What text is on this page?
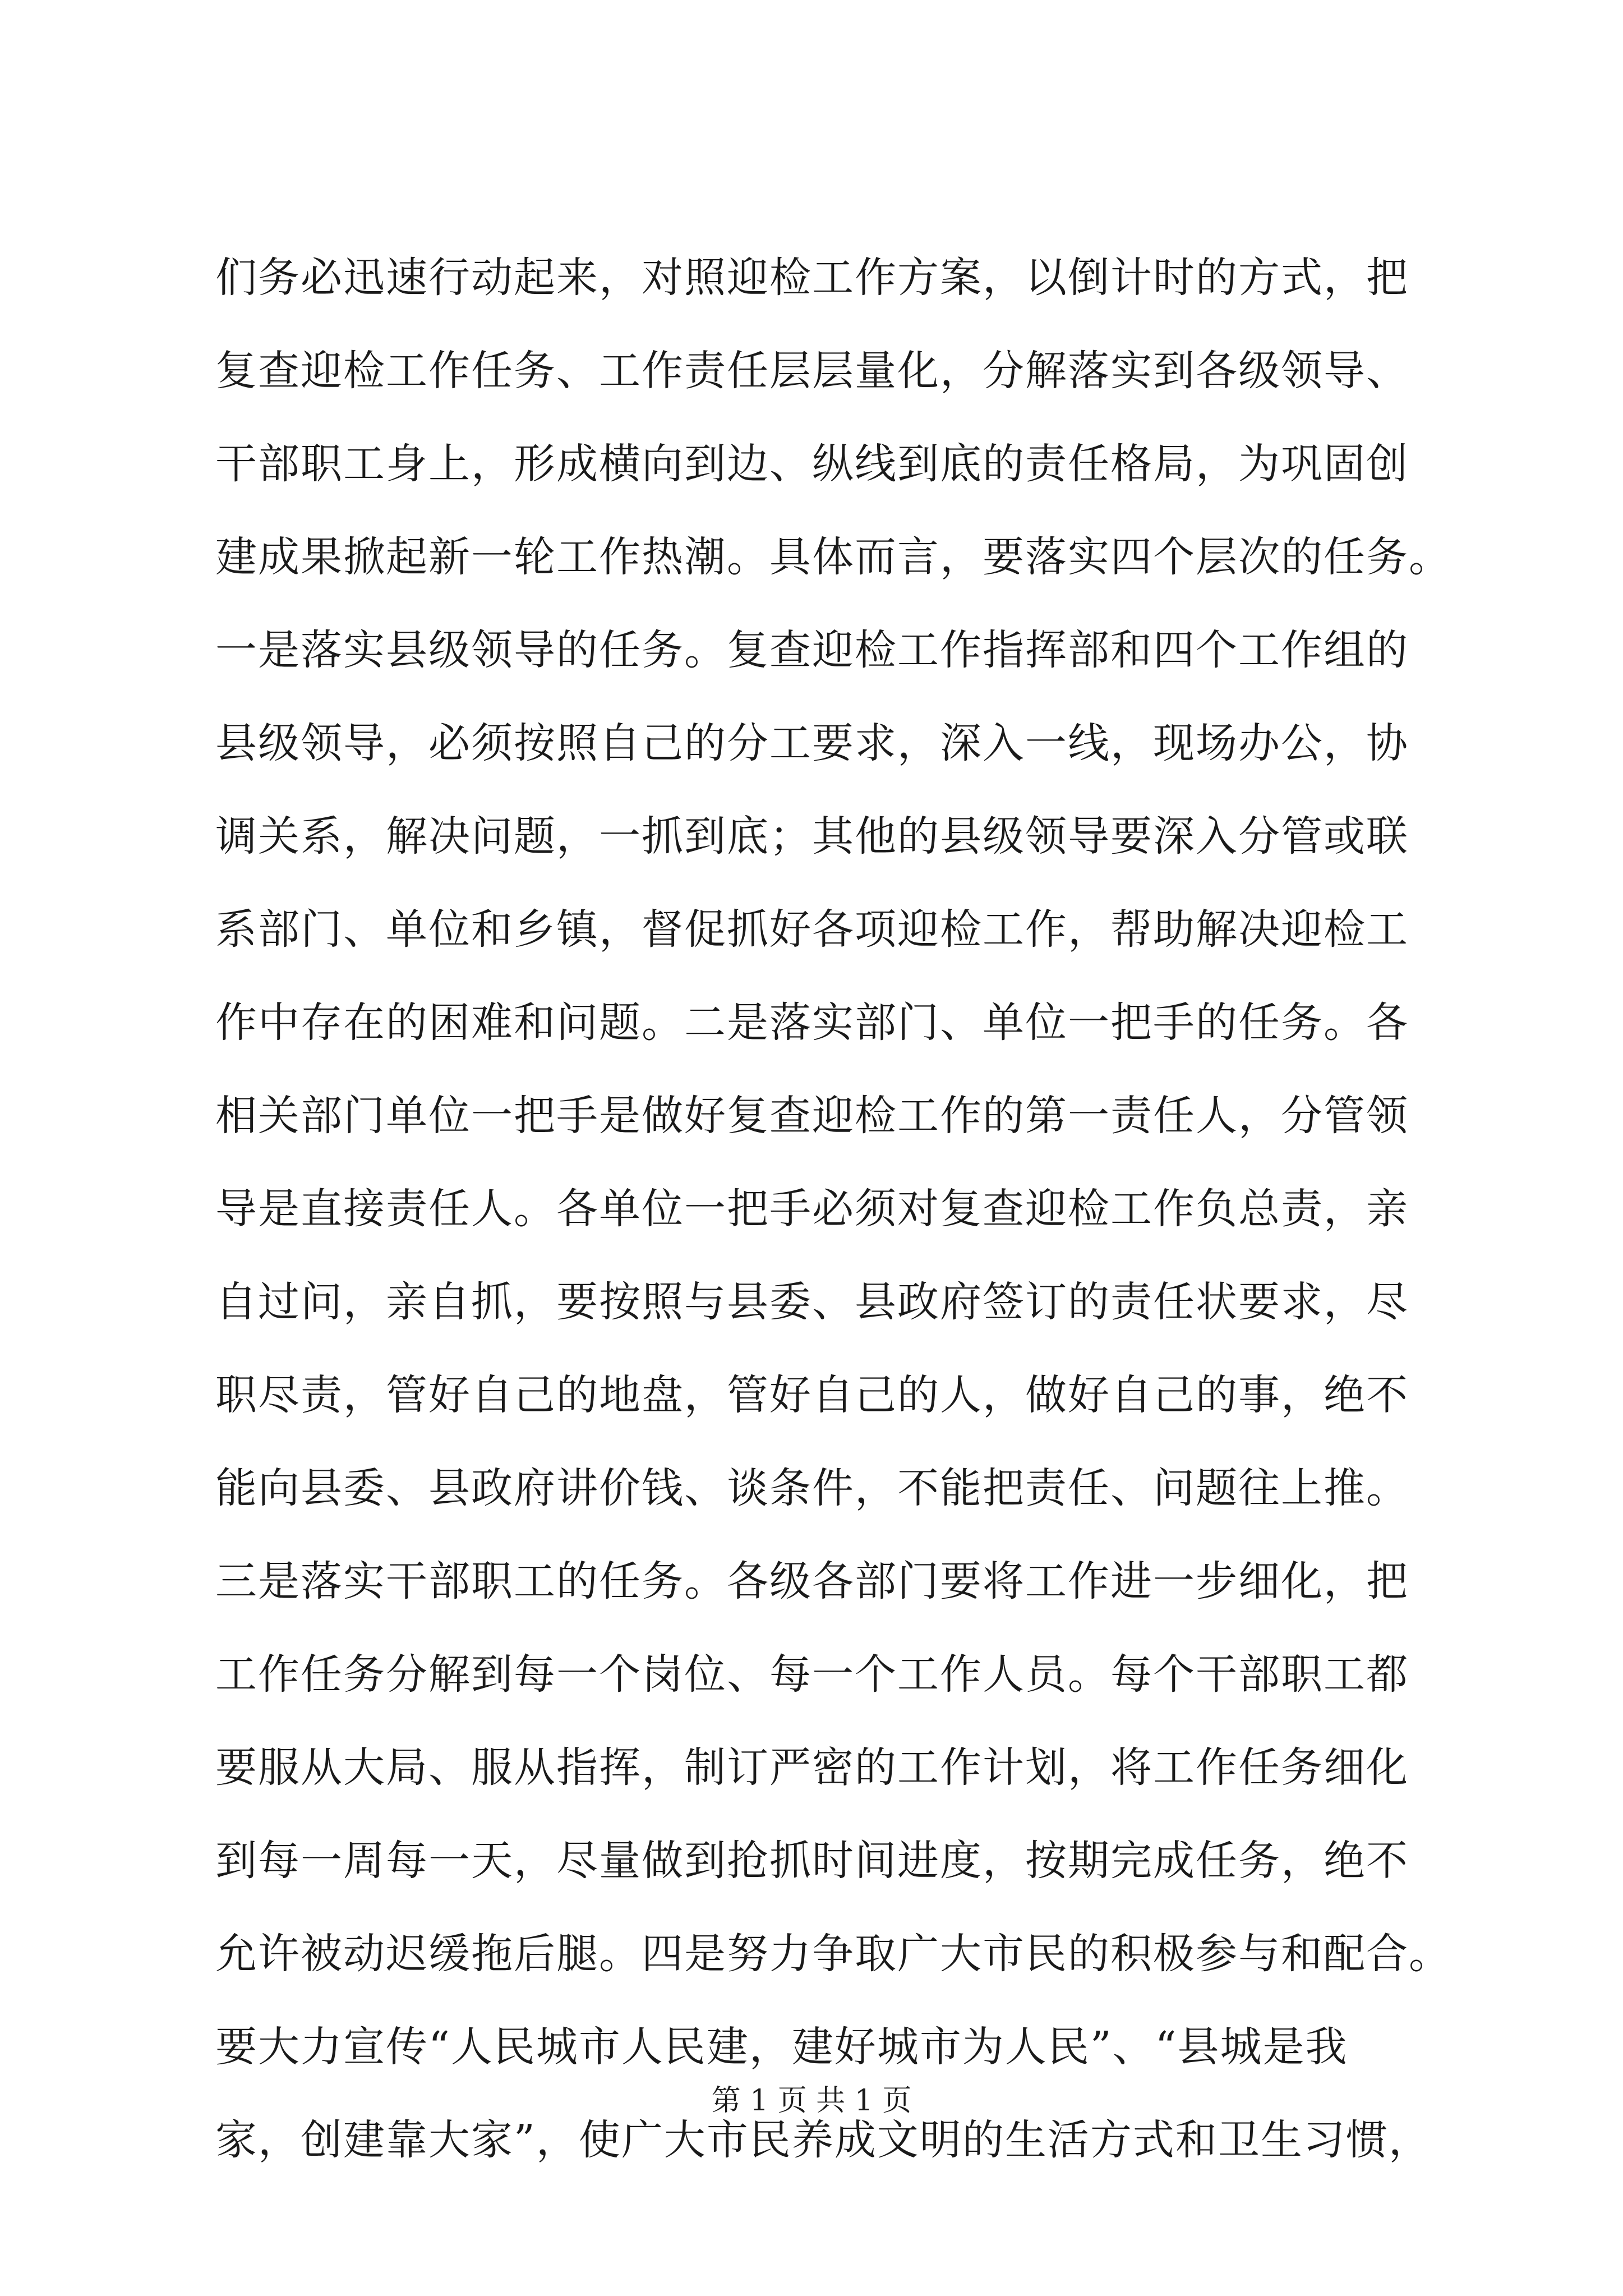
们务必迅速行动起来，对照迎检工作方案，以倒计时的方式，把
复查迎检工作任务、工作责任层层量化，分解落实到各级领导、
干部职工身上，形成横向到边、纵线到底的责任格局，为巩固创
建成果掀起新一轮工作热潮。具体而言，要落实四个层次的任务。
一是落实县级领导的任务。复查迎检工作指挥部和四个工作组的
县级领导，必须按照自己的分工要求，深入一线，现场办公，协
调关系，解决问题，一抓到底；其他的县级领导要深入分管或联
系部门、单位和乡镇，督促抓好各项迎检工作，帮助解决迎检工
作中存在的困难和问题。二是落实部门、单位一把手的任务。各
相关部门单位一把手是做好复查迎检工作的第一责任人，分管领
导是直接责任人。各单位一把手必须对复查迎检工作负总责，亲
自过问，亲自抓，要按照与县委、县政府签订的责任状要求，尽
职尽责，管好自己的地盘，管好自己的人，做好自己的事，绝不
能向县委、县政府讲价钱、谈条件，不能把责任、问题往上推。
三是落实干部职工的任务。各级各部门要将工作进一步细化，把
工作任务分解到每一个岗位、每一个工作人员。每个干部职工都
要服从大局、服从指挥，制订严密的工作计划，将工作任务细化
到每一周每一天，尽量做到抢抓时间进度，按期完成任务，绝不
允许被动迟缓拖后腿。四是努力争取广大市民的积极参与和配合。
要大力宣传“人民城市人民建，建好城市为人民”、“县城是我
家，创建靠大家”，使广大市民养成文明的生活方式和卫生习惯，
第 1 页 共 1 页
